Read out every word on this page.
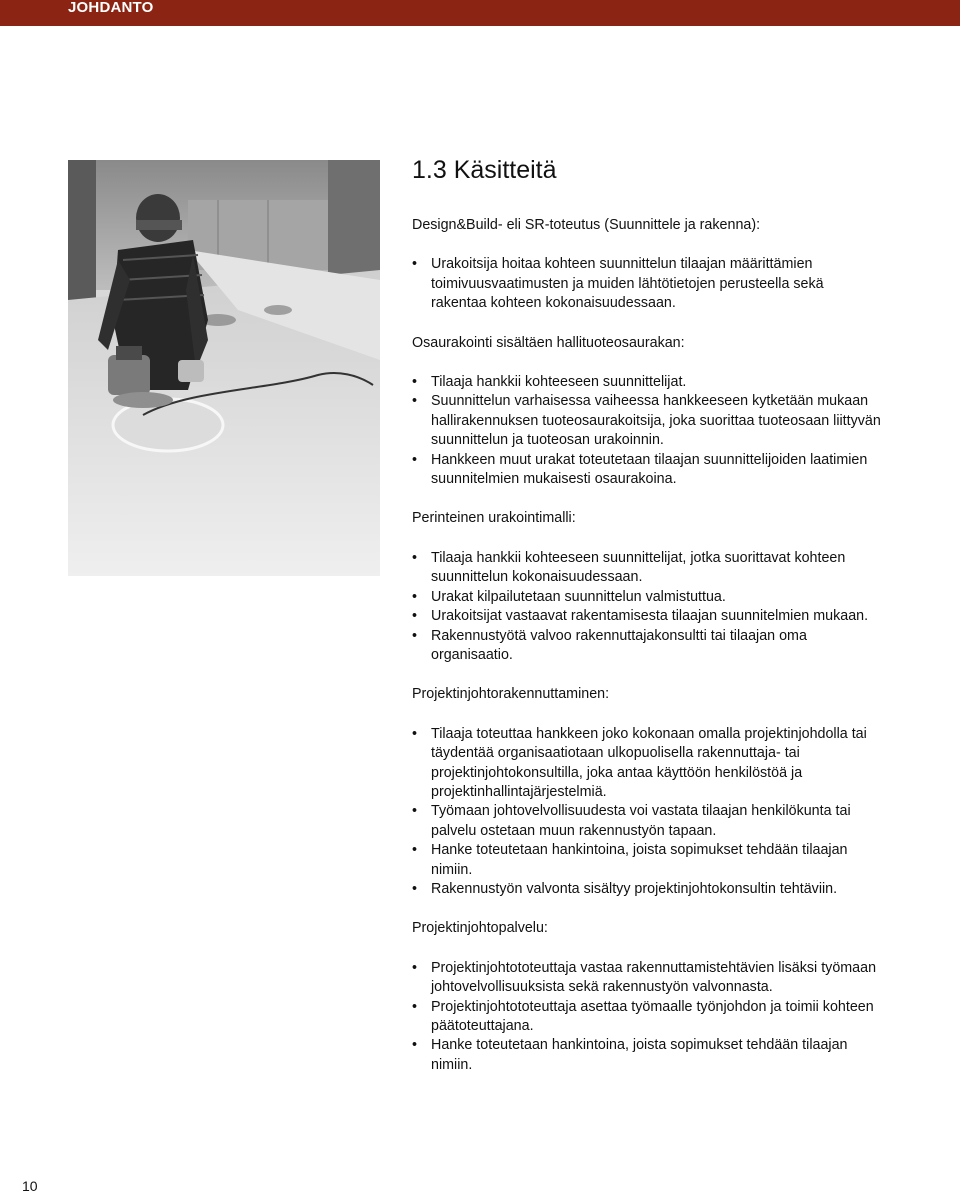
JOHDANTO
1.3 Käsitteitä

Design&Build- eli SR-toteutus (Suunnittele ja rakenna):

• Urakoitsija hoitaa kohteen suunnittelun tilaajan määrittämien toimivuusvaatimusten ja muiden lähtötietojen perusteella sekä rakentaa kohteen kokonaisuudessaan.

Osaurakointi sisältäen hallituoteosaurakan:

• Tilaaja hankkii kohteeseen suunnittelijat.
• Suunnittelun varhaisessa vaiheessa hankkeeseen kytketään mukaan hallirakennuksen tuoteosaurakoitsija, joka suorittaa tuoteosaan liittyvän suunnittelun ja tuoteosan urakoinnin.
• Hankkeen muut urakat toteutetaan tilaajan suunnittelijoiden laatimien suunnitelmien mukaisesti osaurakoina.

Perinteinen urakointimalli:

• Tilaaja hankkii kohteeseen suunnittelijat, jotka suorittavat kohteen suunnittelun kokonaisuudessaan.
• Urakat kilpailutetaan suunnittelun valmistuttua.
• Urakoitsijat vastaavat rakentamisesta tilaajan suunnitelmien mukaan.
• Rakennustyötä valvoo rakennuttajakonsultti tai tilaajan oma organisaatio.

Projektinjohtorakennuttaminen:

• Tilaaja toteuttaa hankkeen joko kokonaan omalla projektinjohdolla tai täydentää organisaatiotaan ulkopuolisella rakennuttaja- tai projektinjohtokonsultilla, joka antaa käyttöön henkilöstöä ja projektinhallintajärjestelmiä.
• Työmaan johtovelvollisuudesta voi vastata tilaajan henkilökunta tai palvelu ostetaan muun rakennustyön tapaan.
• Hanke toteutetaan hankintoina, joista sopimukset tehdään tilaajan nimiin.
• Rakennustyön valvonta sisältyy projektinjohtokonsultin tehtäviin.

Projektinjohtopalvelu:

• Projektinjohtototeuttaja vastaa rakennuttamistehtävien lisäksi työmaan johtovelvollisuuksista sekä rakennustyön valvonnasta.
• Projektinjohtototeuttaja asettaa työmaalle työnjohdon ja toimii kohteen päätoteuttajana.
• Hanke toteutetaan hankintoina, joista sopimukset tehdään tilaajan nimiin.
10
